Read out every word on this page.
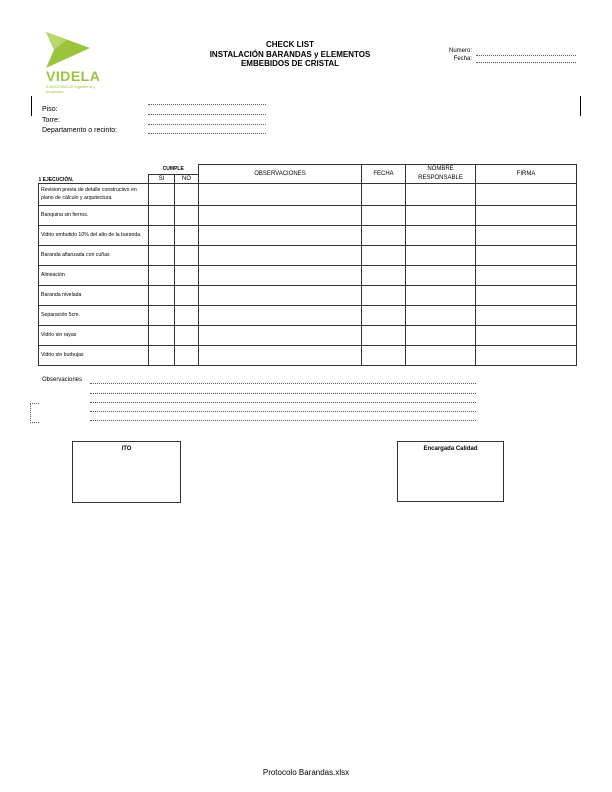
VIDELA
& ASOCIADOS ingeniería y proyectos
CHECK LIST
INSTALACIÓN BARANDAS y ELEMENTOS
EMBEBIDOS DE CRISTAL
Numero:
Fecha:
Piso:
Torre:
Departamento o recinto:
1 EJECUCIÓN.	CUMPLE		OBSERVACIONES	FECHA	NOMBRE RESPONSABLE	FIRMA
	SI	NO				
Revision previa de detalle constructivo en plano de cálculo y arquitectura						
Banquina sin fierros.						
Vidrio embutido 10% del alto de la baranda.						
Baranda afianzada con cuñas						
Alineación						
Baranda nivelada						
Separación 5cm.						
Vidrio sin rayas						
Vidrio sin burbujas						
Observaciones
ITO	Encargada Calidad
Protocolo Barandas.xlsx
